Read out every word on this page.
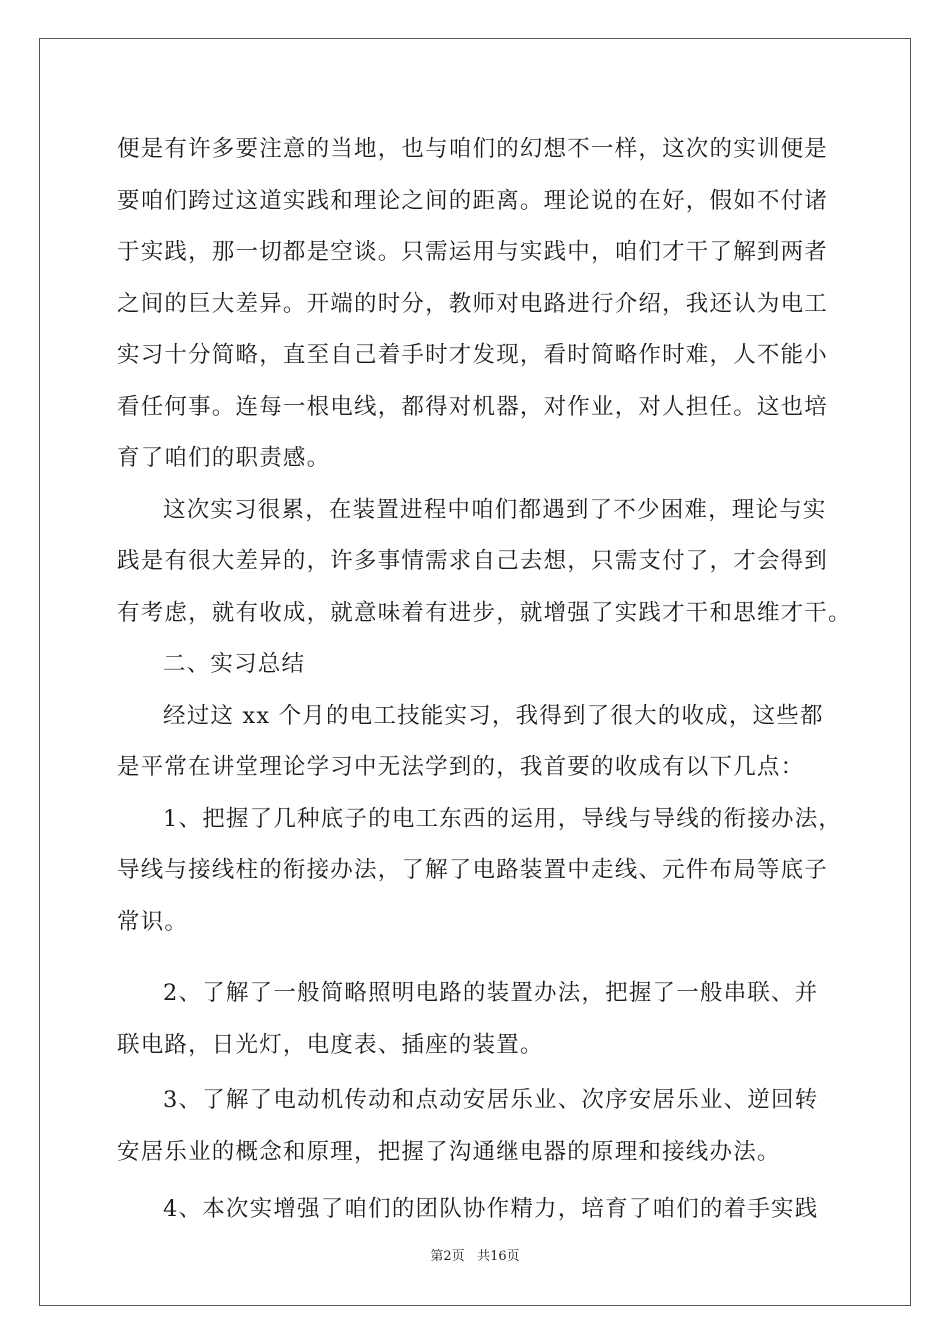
便是有许多要注意的当地，也与咱们的幻想不一样，这次的实训便是
要咱们跨过这道实践和理论之间的距离。理论说的在好，假如不付诸
于实践，那一切都是空谈。只需运用与实践中，咱们才干了解到两者
之间的巨大差异。开端的时分，教师对电路进行介绍，我还认为电工
实习十分简略，直至自己着手时才发现，看时简略作时难，人不能小
看任何事。连每一根电线，都得对机器，对作业，对人担任。这也培
育了咱们的职责感。
这次实习很累，在装置进程中咱们都遇到了不少困难，理论与实
践是有很大差异的，许多事情需求自己去想，只需支付了，才会得到
有考虑，就有收成，就意味着有进步，就增强了实践才干和思维才干。
二、实习总结
经过这 xx 个月的电工技能实习，我得到了很大的收成，这些都
是平常在讲堂理论学习中无法学到的，我首要的收成有以下几点：
1、把握了几种底子的电工东西的运用，导线与导线的衔接办法，
导线与接线柱的衔接办法，了解了电路装置中走线、元件布局等底子
常识。
2、了解了一般简略照明电路的装置办法，把握了一般串联、并
联电路，日光灯，电度表、插座的装置。
3、了解了电动机传动和点动安居乐业、次序安居乐业、逆回转
安居乐业的概念和原理，把握了沟通继电器的原理和接线办法。
4、本次实增强了咱们的团队协作精力，培育了咱们的着手实践
第2页 共16页
